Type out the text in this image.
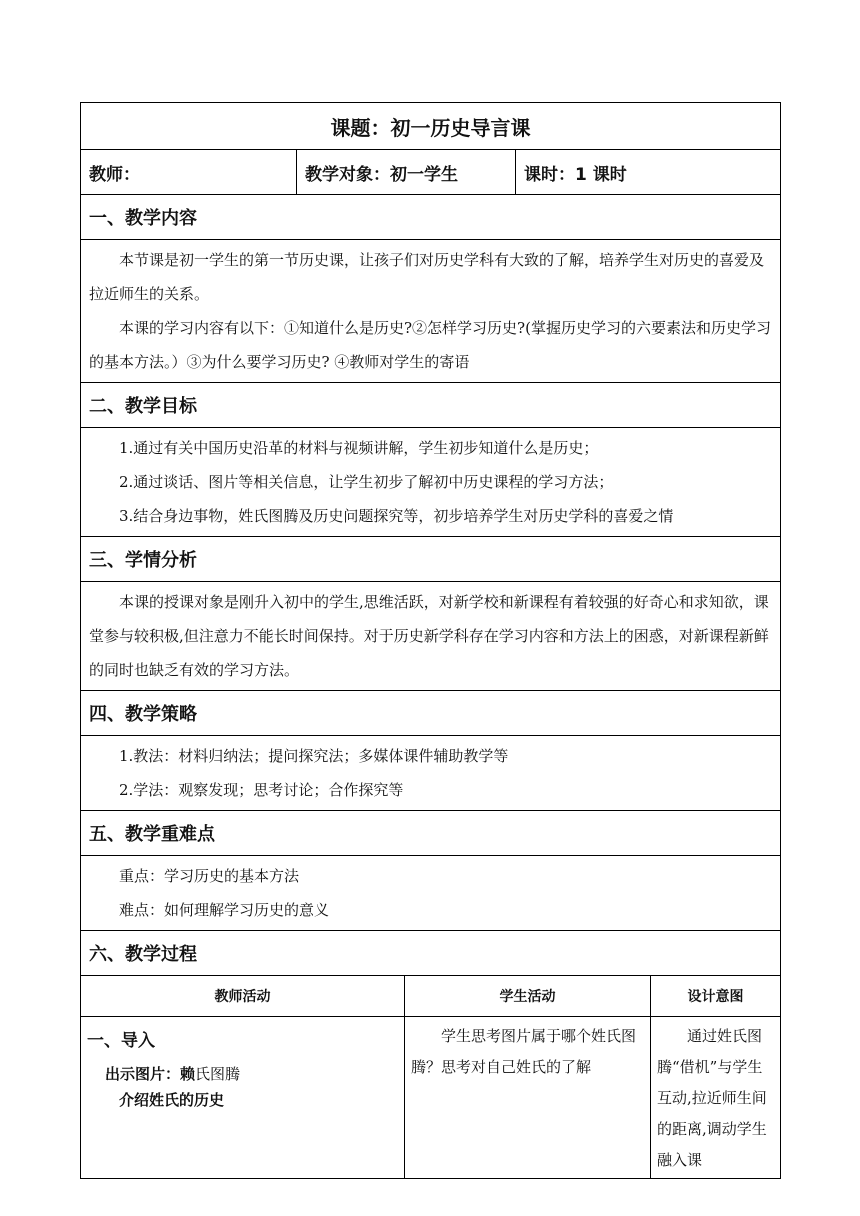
课题：初一历史导言课				
教师：	教学对象：初一学生		课时：1 课时	
一、教学内容				

本节课是初一学生的第一节历史课，让孩子们对历史学科有大致的了解，培养学生对历史的喜爱及拉近师生的关系。

本课的学习内容有以下：①知道什么是历史?②怎样学习历史?(掌握历史学习的六要素法和历史学习的基本方法。）③为什么要学习历史? ④教师对学生的寄语				

二、教学目标				

1.通过有关中国历史沿革的材料与视频讲解，学生初步知道什么是历史；

2.通过谈话、图片等相关信息，让学生初步了解初中历史课程的学习方法；

3.结合身边事物，姓氏图腾及历史问题探究等，初步培养学生对历史学科的喜爱之情				

三、学情分析				

本课的授课对象是刚升入初中的学生,思维活跃，对新学校和新课程有着较强的好奇心和求知欲，课堂参与较积极,但注意力不能长时间保持。对于历史新学科存在学习内容和方法上的困惑，对新课程新鲜的同时也缺乏有效的学习方法。				

四、教学策略				

1.教法：材料归纳法；提问探究法；多媒体课件辅助教学等

2.学法：观察发现；思考讨论；合作探究等				

五、教学重难点				

重点：学习历史的基本方法

难点：如何理解学习历史的意义				

六、教学过程				
教师活动		学生活动		设计意图

一、导入

出示图片：赖氏图腾

介绍姓氏的历史		学生思考图片属于哪个姓氏图腾？思考对自己姓氏的了解		通过姓氏图腾“借机”与学生互动,拉近师生间的距离,调动学生融入课
